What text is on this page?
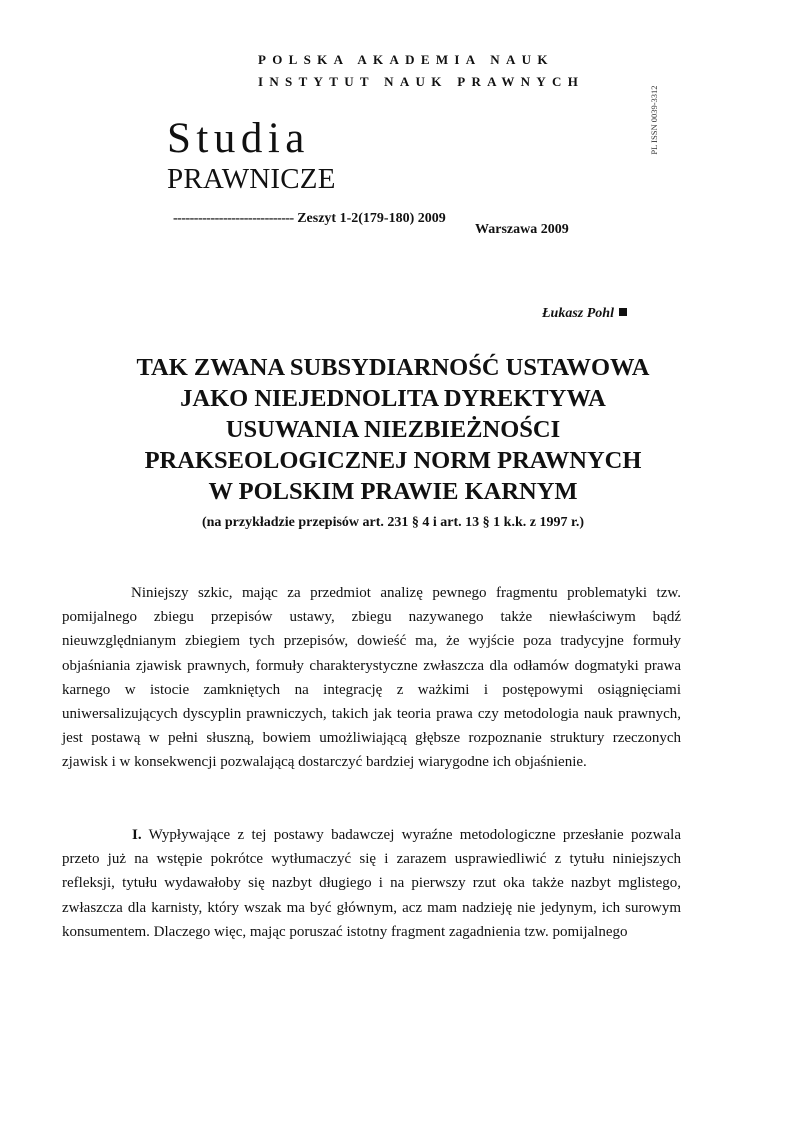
POLSKA AKADEMIA NAUK
INSTYTUT NAUK PRAWNYCH
PL ISSN 0039-3312
Studia
PRAWNICZE
----------------------------- Zeszyt 1-2(179-180) 2009
Warszawa 2009
Łukasz Pohl
TAK ZWANA SUBSYDIARNOŚĆ USTAWOWA
JAKO NIEJEDNOLITA DYREKTYWA
USUWANIA NIEZBIEŻNOŚCI
PRAKSEOLOGICZNEJ NORM PRAWNYCH
W POLSKIM PRAWIE KARNYM
(na przykładzie przepisów art. 231 § 4 i art. 13 § 1 k.k. z 1997 r.)
Niniejszy szkic, mając za przedmiot analizę pewnego fragmentu problematyki tzw. pomijalnego zbiegu przepisów ustawy, zbiegu nazywanego także niewłaściwym bądź nieuwzględnianym zbiegiem tych przepisów, dowieść ma, że wyjście poza tradycyjne formuły objaśniania zjawisk prawnych, formuły charakterystyczne zwłaszcza dla odłamów dogmatyki prawa karnego w istocie zamkniętych na integrację z ważkimi i postępowymi osiągnięciami uniwersalizujących dyscyplin prawniczych, takich jak teoria prawa czy metodologia nauk prawnych, jest postawą w pełni słuszną, bowiem umożliwiającą głębsze rozpoznanie struktury rzeczonych zjawisk i w konsekwencji pozwalającą dostarczyć bardziej wiarygodne ich objaśnienie.
I. Wypływające z tej postawy badawczej wyraźne metodologiczne przesłanie pozwala przeto już na wstępie pokrótce wytłumaczyć się i zarazem usprawiedliwić z tytułu niniejszych refleksji, tytułu wydawałoby się nazbyt długiego i na pierwszy rzut oka także nazbyt mglistego, zwłaszcza dla karnisty, który wszak ma być głównym, acz mam nadzieję nie jedynym, ich surowym konsumentem. Dlaczego więc, mając poruszać istotny fragment zagadnienia tzw. pomijalnego
